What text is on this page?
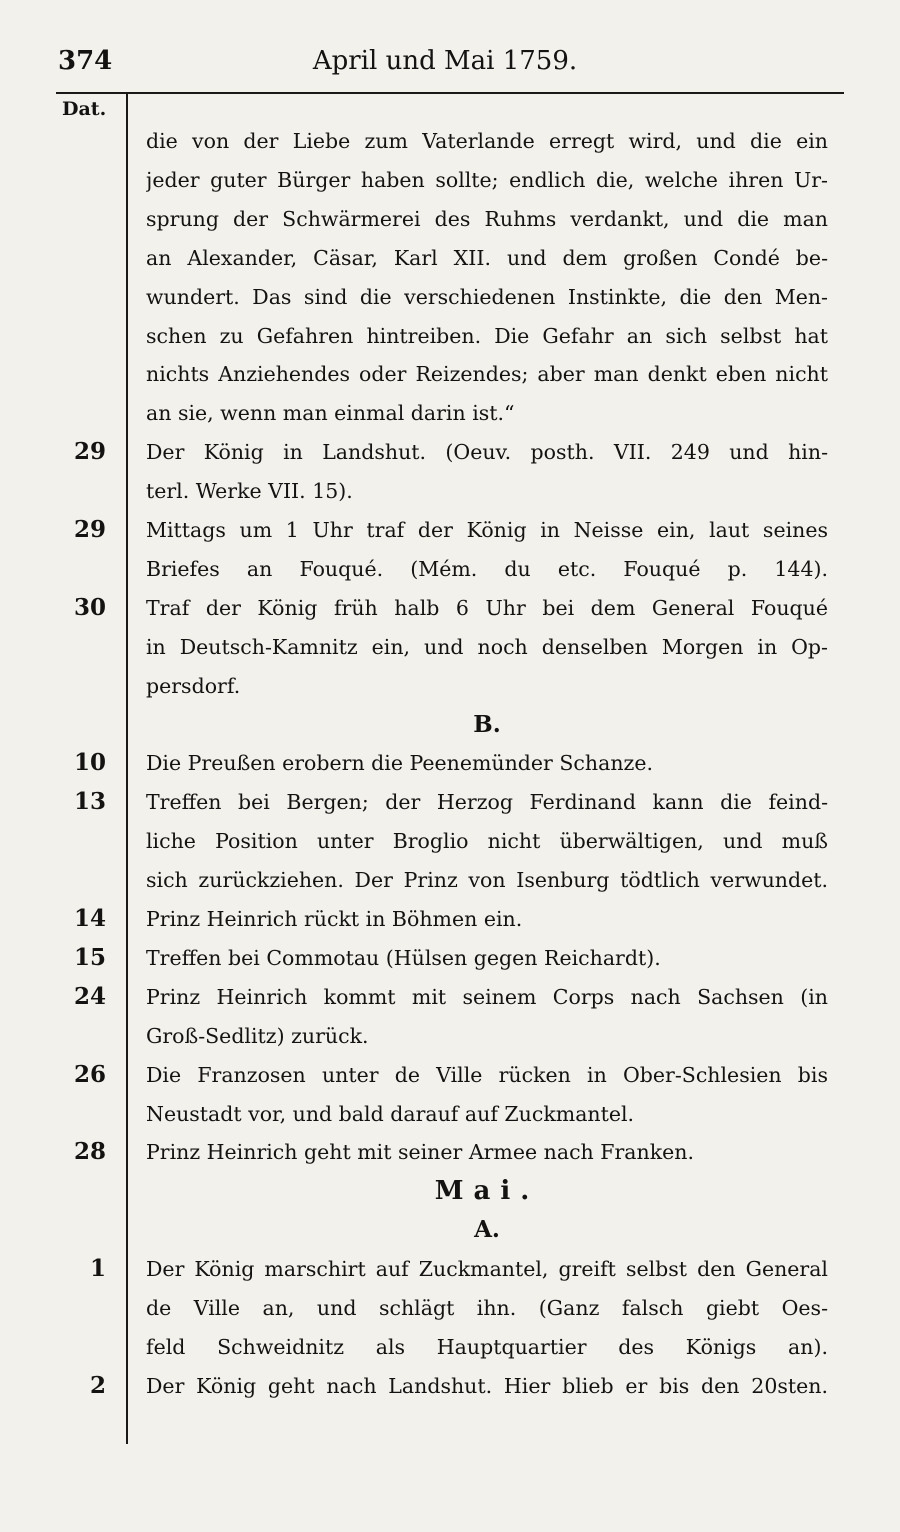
374	April und Mai 1759.
Dat.
die von der Liebe zum Vaterlande erregt wird, und die ein
jeder guter Bürger haben sollte; endlich die, welche ihren Ur-
sprung der Schwärmerei des Ruhms verdankt, und die man
an Alexander, Cäsar, Karl XII. und dem großen Condé be-
wundert. Das sind die verschiedenen Instinkte, die den Men-
schen zu Gefahren hintreiben. Die Gefahr an sich selbst hat
nichts Anziehendes oder Reizendes; aber man denkt eben nicht
an sie, wenn man einmal darin ist.“
29 Der König in Landshut. (Oeuv. posth. VII. 249 und hin-
terl. Werke VII. 15).
29 Mittags um 1 Uhr traf der König in Neisse ein, laut seines
Briefes an Fouqué. (Mém. du etc. Fouqué p. 144).
30 Traf der König früh halb 6 Uhr bei dem General Fouqué
in Deutsch-Kamnitz ein, und noch denselben Morgen in Op-
persdorf.
B.
10 Die Preußen erobern die Peenemünder Schanze.
13 Treffen bei Bergen; der Herzog Ferdinand kann die feind-
liche Position unter Broglio nicht überwältigen, und muß
sich zurückziehen. Der Prinz von Isenburg tödtlich verwundet.
14 Prinz Heinrich rückt in Böhmen ein.
15 Treffen bei Commotau (Hülsen gegen Reichardt).
24 Prinz Heinrich kommt mit seinem Corps nach Sachsen (in
Groß-Sedlitz) zurück.
26 Die Franzosen unter de Ville rücken in Ober-Schlesien bis
Neustadt vor, und bald darauf auf Zuckmantel.
28 Prinz Heinrich geht mit seiner Armee nach Franken.
Mai.
A.
1 Der König marschirt auf Zuckmantel, greift selbst den General
de Ville an, und schlägt ihn. (Ganz falsch giebt Oes-
feld Schweidnitz als Hauptquartier des Königs an).
2 Der König geht nach Landshut. Hier blieb er bis den 20sten.
